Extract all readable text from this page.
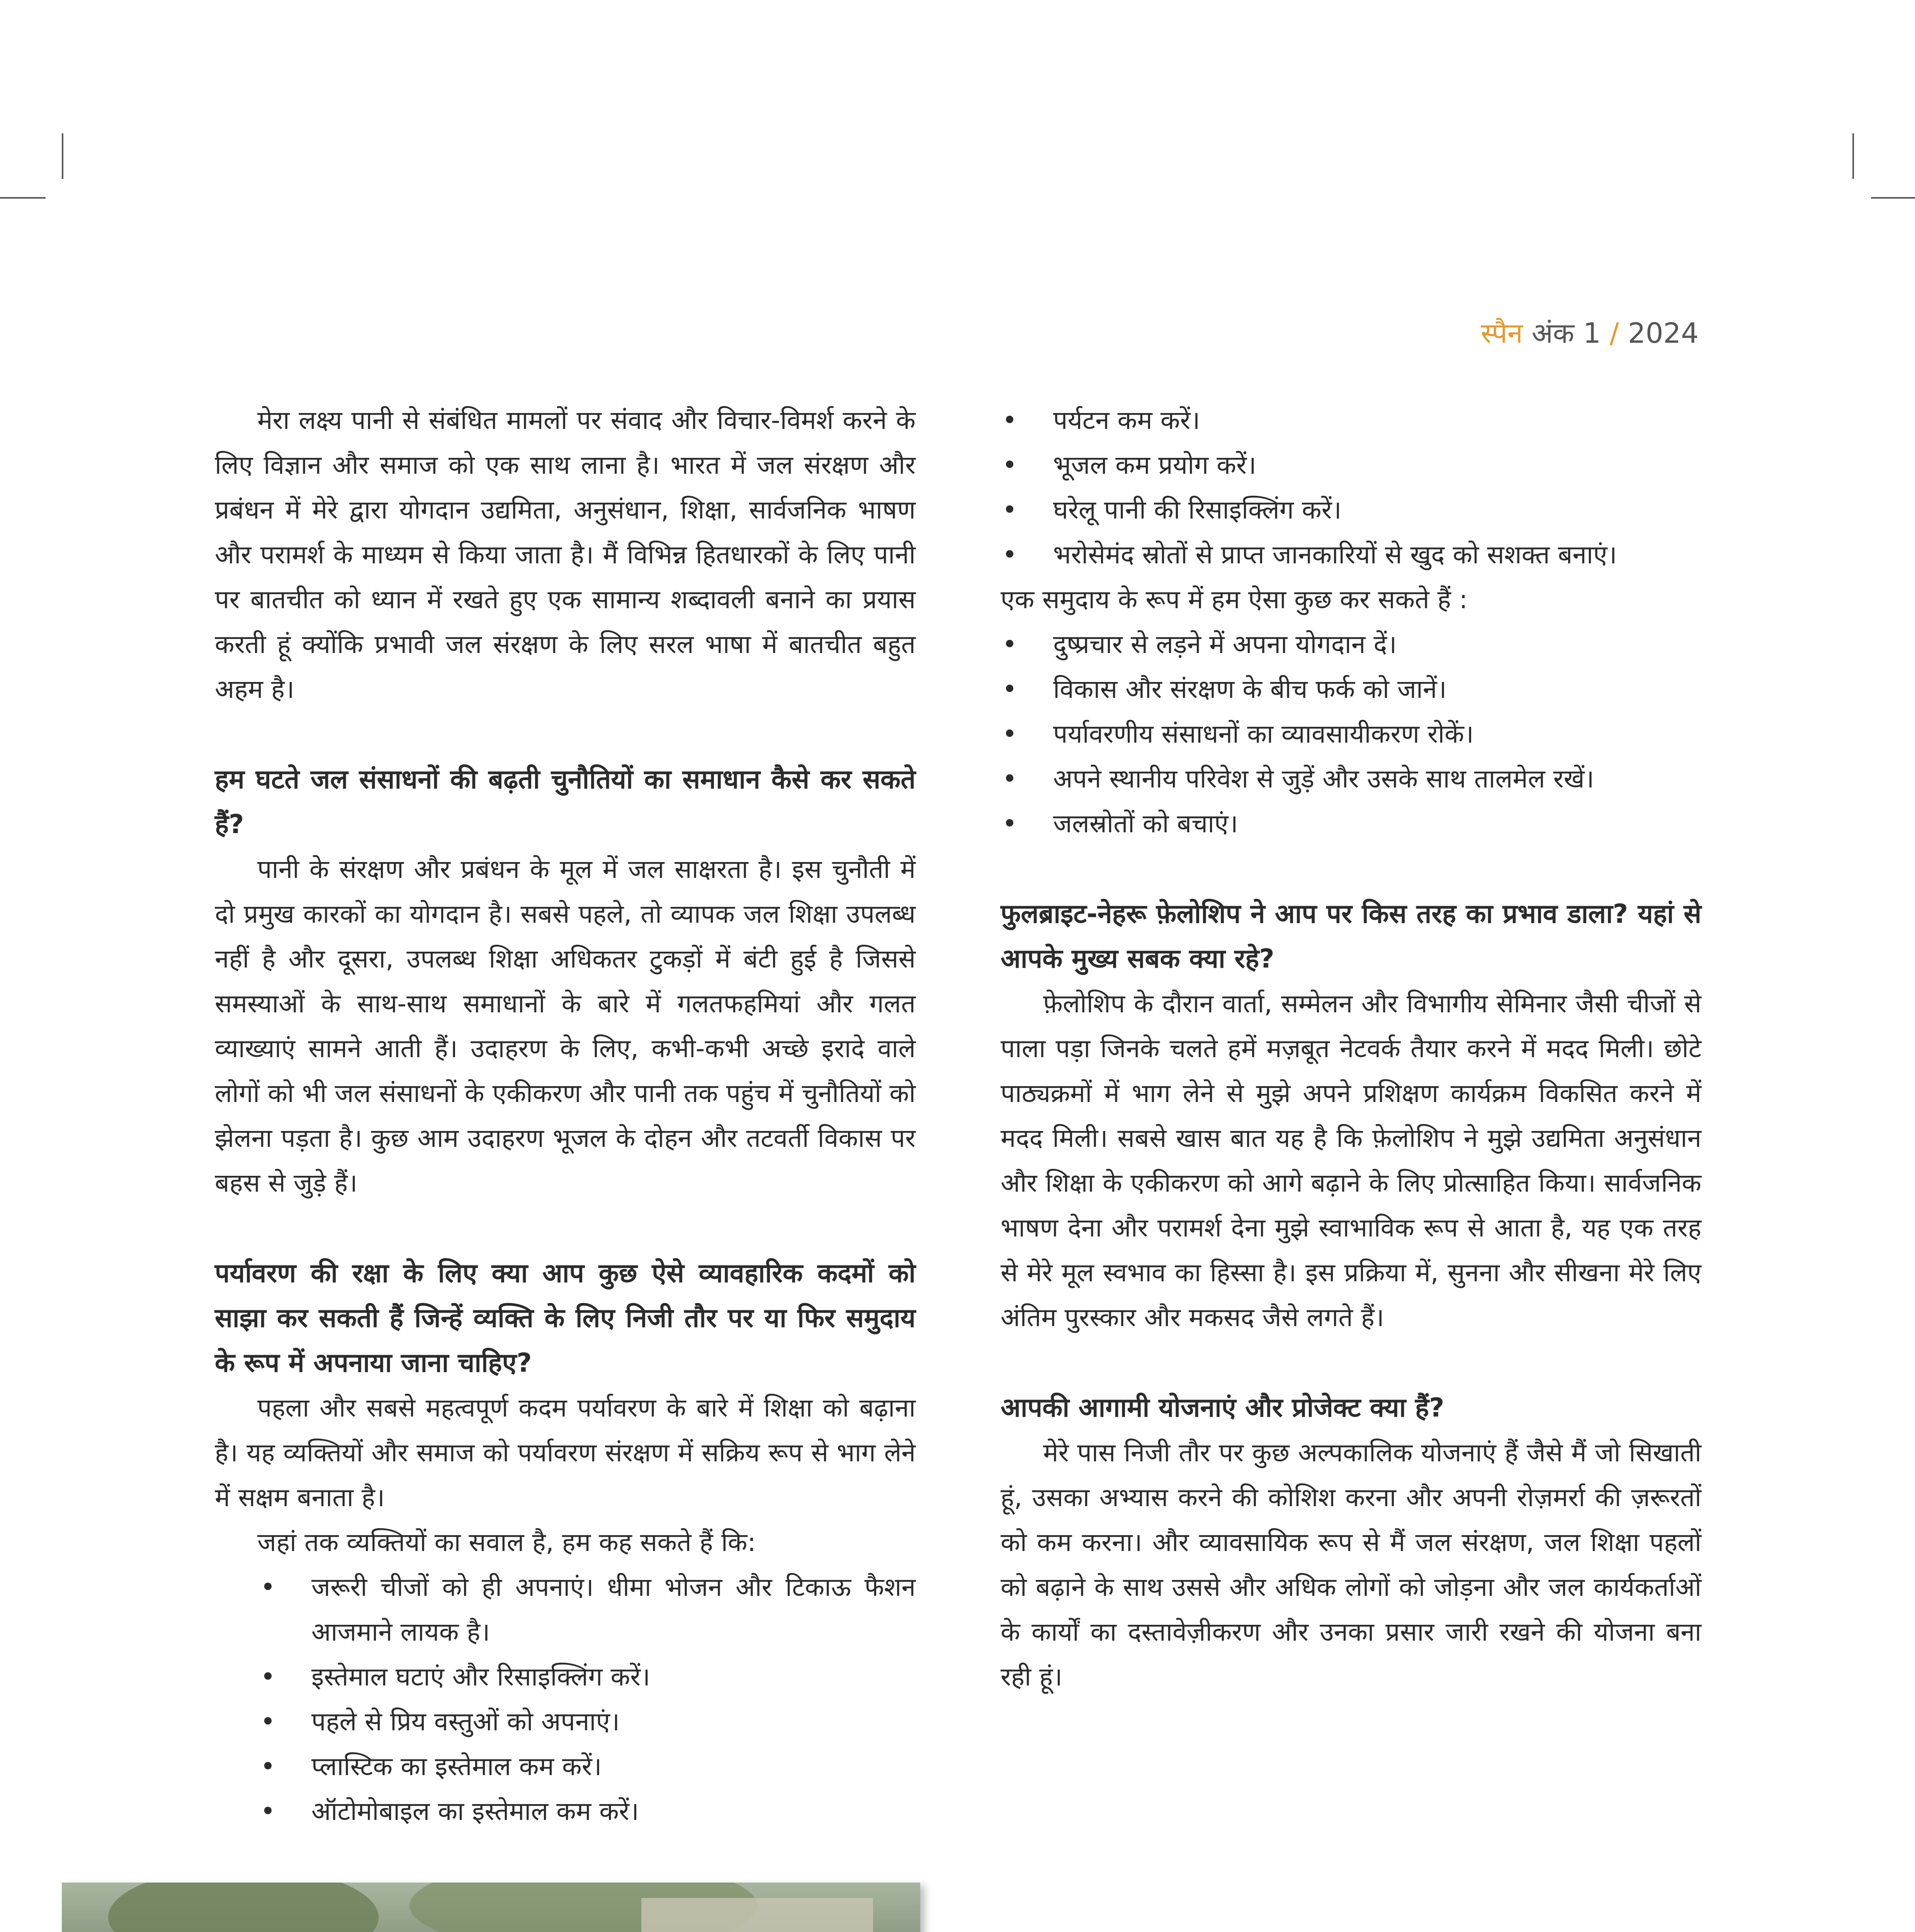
स्पैन अंक 1 / 2024

मेरा लक्ष्य पानी से संबंधित मामलों पर संवाद और विचार-विमर्श करने के लिए विज्ञान और समाज को एक साथ लाना है। भारत में जल संरक्षण और प्रबंधन में मेरे द्वारा योगदान उद्यमिता, अनुसंधान, शिक्षा, सार्वजनिक भाषण और परामर्श के माध्यम से किया जाता है। मैं विभिन्न हितधारकों के लिए पानी पर बातचीत को ध्यान में रखते हुए एक सामान्य शब्दावली बनाने का प्रयास करती हूं क्योंकि प्रभावी जल संरक्षण के लिए सरल भाषा में बातचीत बहुत अहम है।

हम घटते जल संसाधनों की बढ़ती चुनौतियों का समाधान कैसे कर सकते हैं?

पानी के संरक्षण और प्रबंधन के मूल में जल साक्षरता है। इस चुनौती में दो प्रमुख कारकों का योगदान है। सबसे पहले, तो व्यापक जल शिक्षा उपलब्ध नहीं है और दूसरा, उपलब्ध शिक्षा अधिकतर टुकड़ों में बंटी हुई है जिससे समस्याओं के साथ-साथ समाधानों के बारे में गलतफहमियां और गलत व्याख्याएं सामने आती हैं। उदाहरण के लिए, कभी-कभी अच्छे इरादे वाले लोगों को भी जल संसाधनों के एकीकरण और पानी तक पहुंच में चुनौतियों को झेलना पड़ता है। कुछ आम उदाहरण भूजल के दोहन और तटवर्ती विकास पर बहस से जुड़े हैं।

पर्यावरण की रक्षा के लिए क्या आप कुछ ऐसे व्यावहारिक कदमों को साझा कर सकती हैं जिन्हें व्यक्ति के लिए निजी तौर पर या फिर समुदाय के रूप में अपनाया जाना चाहिए?

पहला और सबसे महत्वपूर्ण कदम पर्यावरण के बारे में शिक्षा को बढ़ाना है। यह व्यक्तियों और समाज को पर्यावरण संरक्षण में सक्रिय रूप से भाग लेने में सक्षम बनाता है।

जहां तक व्यक्तियों का सवाल है, हम कह सकते हैं कि:

• जरूरी चीजों को ही अपनाएं। धीमा भोजन और टिकाऊ फैशन आजमाने लायक है।
• इस्तेमाल घटाएं और रिसाइक्लिंग करें।
• पहले से प्रिय वस्तुओं को अपनाएं।
• प्लास्टिक का इस्तेमाल कम करें।
• ऑटोमोबाइल का इस्तेमाल कम करें।
• पर्यटन कम करें।
• भूजल कम प्रयोग करें।
• घरेलू पानी की रिसाइक्लिंग करें।
• भरोसेमंद स्रोतों से प्राप्त जानकारियों से खुद को सशक्त बनाएं।

एक समुदाय के रूप में हम ऐसा कुछ कर सकते हैं :

• दुष्प्रचार से लड़ने में अपना योगदान दें।
• विकास और संरक्षण के बीच फर्क को जानें।
• पर्यावरणीय संसाधनों का व्यावसायीकरण रोकें।
• अपने स्थानीय परिवेश से जुड़ें और उसके साथ तालमेल रखें।
• जलस्रोतों को बचाएं।
फुलब्राइट-नेहरू फ़ेलोशिप ने आप पर किस तरह का प्रभाव डाला? यहां से आपके मुख्य सबक क्या रहे?

फ़ेलोशिप के दौरान वार्ता, सम्मेलन और विभागीय सेमिनार जैसी चीजों से पाला पड़ा जिनके चलते हमें मज़बूत नेटवर्क तैयार करने में मदद मिली। छोटे पाठ्यक्रमों में भाग लेने से मुझे अपने प्रशिक्षण कार्यक्रम विकसित करने में मदद मिली। सबसे खास बात यह है कि फ़ेलोशिप ने मुझे उद्यमिता अनुसंधान और शिक्षा के एकीकरण को आगे बढ़ाने के लिए प्रोत्साहित किया। सार्वजनिक भाषण देना और परामर्श देना मुझे स्वाभाविक रूप से आता है, यह एक तरह से मेरे मूल स्वभाव का हिस्सा है। इस प्रक्रिया में, सुनना और सीखना मेरे लिए अंतिम पुरस्कार और मकसद जैसे लगते हैं।

आपकी आगामी योजनाएं और प्रोजेक्ट क्या हैं?

मेरे पास निजी तौर पर कुछ अल्पकालिक योजनाएं हैं जैसे मैं जो सिखाती हूं, उसका अभ्यास करने की कोशिश करना और अपनी रोज़मर्रा की ज़रूरतों को कम करना। और व्यावसायिक रूप से मैं जल संरक्षण, जल शिक्षा पहलों को बढ़ाने के साथ उससे और अधिक लोगों को जोड़ना और जल कार्यकर्ताओं के कार्यों का दस्तावेज़ीकरण और उनका प्रसार जारी रखने की योजना बना रही हूं।
